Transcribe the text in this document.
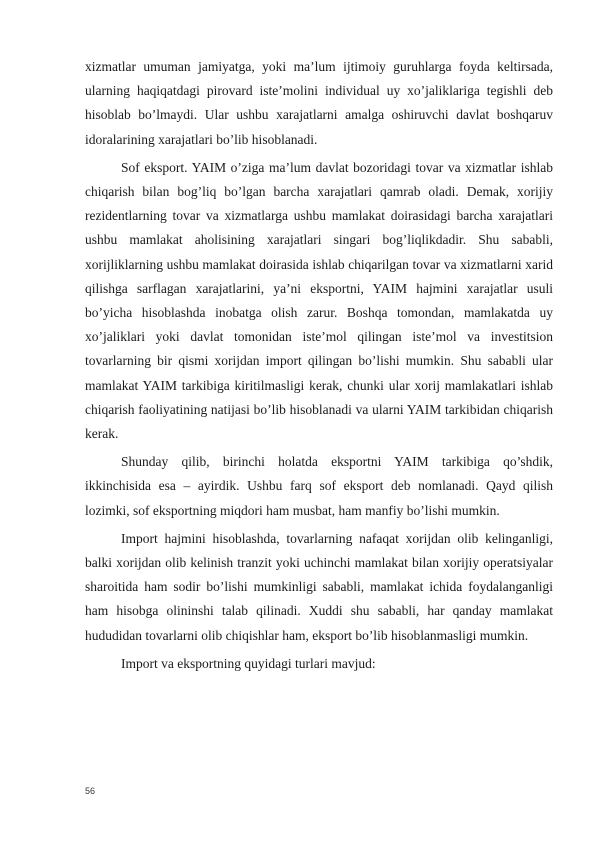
xizmatlar umuman jamiyatga, yoki ma’lum ijtimoiy guruhlarga foyda keltirsada, ularning haqiqatdagi pirovard iste’molini individual uy xo’jaliklariga tegishli deb hisoblab bo’lmaydi. Ular ushbu xarajatlarni amalga oshiruvchi davlat boshqaruv idoralarining xarajatlari bo’lib hisoblanadi.

Sof eksport. YAIM o’ziga ma’lum davlat bozoridagi tovar va xizmatlar ishlab chiqarish bilan bog’liq bo’lgan barcha xarajatlari qamrab oladi. Demak, xorijiy rezidentlarning tovar va xizmatlarga ushbu mamlakat doirasidagi barcha xarajatlari ushbu mamlakat aholisining xarajatlari singari bog’liqlikdadir. Shu sababli, xorijliklarning ushbu mamlakat doirasida ishlab chiqarilgan tovar va xizmatlarni xarid qilishga sarflagan xarajatlarini, ya’ni eksportni, YAIM hajmini xarajatlar usuli bo’yicha hisoblashda inobatga olish zarur. Boshqa tomondan, mamlakatda uy xo’jaliklari yoki davlat tomonidan iste’mol qilingan iste’mol va investitsion tovarlarning bir qismi xorijdan import qilingan bo’lishi mumkin. Shu sababli ular mamlakat YAIM tarkibiga kiritilmasligi kerak, chunki ular xorij mamlakatlari ishlab chiqarish faoliyatining natijasi bo’lib hisoblanadi va ularni YAIM tarkibidan chiqarish kerak.

Shunday qilib, birinchi holatda eksportni YAIM tarkibiga qo’shdik, ikkinchisida esa – ayirdik. Ushbu farq sof eksport deb nomlanadi. Qayd qilish lozimki, sof eksportning miqdori ham musbat, ham manfiy bo’lishi mumkin.

Import hajmini hisoblashda, tovarlarning nafaqat xorijdan olib kelinganligi, balki xorijdan olib kelinish tranzit yoki uchinchi mamlakat bilan xorijiy operatsiyalar sharoitida ham sodir bo’lishi mumkinligi sababli, mamlakat ichida foydalanganligi ham hisobga olininshi talab qilinadi. Xuddi shu sababli, har qanday mamlakat hududidan tovarlarni olib chiqishlar ham, eksport bo’lib hisoblanmasligi mumkin.

Import va eksportning quyidagi turlari mavjud:

56
